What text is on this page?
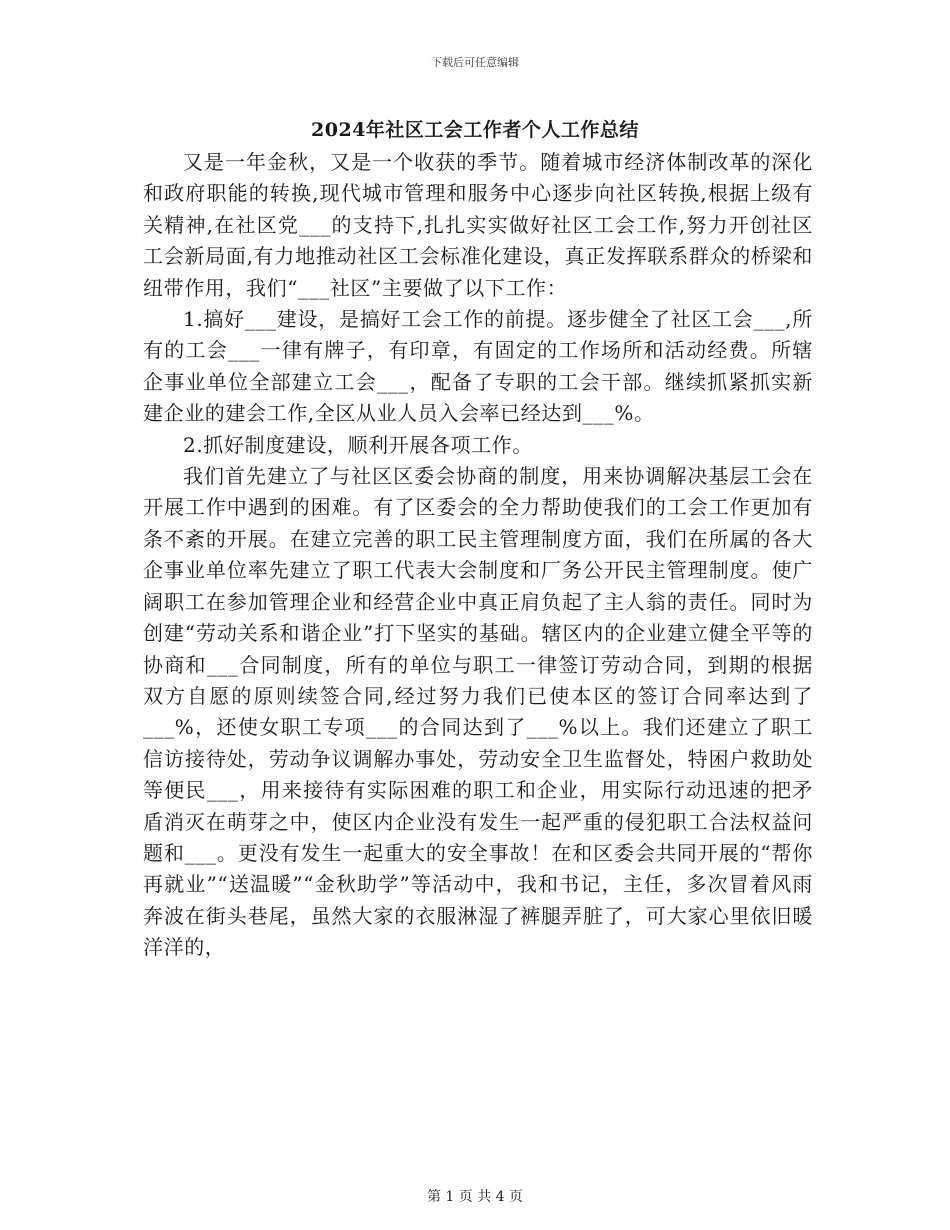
下载后可任意编辑
2024年社区工会工作者个人工作总结

又是一年金秋，又是一个收获的季节。随着城市经济体制改革的深化和政府职能的转换,现代城市管理和服务中心逐步向社区转换,根据上级有关精神,在社区党___的支持下,扎扎实实做好社区工会工作,努力开创社区工会新局面,有力地推动社区工会标准化建设，真正发挥联系群众的桥梁和纽带作用，我们“___社区”主要做了以下工作：

1.搞好___建设，是搞好工会工作的前提。逐步健全了社区工会___,所有的工会___一律有牌子，有印章，有固定的工作场所和活动经费。所辖企事业单位全部建立工会___，配备了专职的工会干部。继续抓紧抓实新建企业的建会工作,全区从业人员入会率已经达到___%。

2.抓好制度建设，顺利开展各项工作。

我们首先建立了与社区区委会协商的制度，用来协调解决基层工会在开展工作中遇到的困难。有了区委会的全力帮助使我们的工会工作更加有条不紊的开展。在建立完善的职工民主管理制度方面，我们在所属的各大企事业单位率先建立了职工代表大会制度和厂务公开民主管理制度。使广阔职工在参加管理企业和经营企业中真正肩负起了主人翁的责任。同时为创建“劳动关系和谐企业”打下坚实的基础。辖区内的企业建立健全平等的协商和___合同制度，所有的单位与职工一律签订劳动合同，到期的根据双方自愿的原则续签合同,经过努力我们已使本区的签订合同率达到了___%，还使女职工专项___的合同达到了___%以上。我们还建立了职工信访接待处，劳动争议调解办事处，劳动安全卫生监督处，特困户救助处等便民___，用来接待有实际困难的职工和企业，用实际行动迅速的把矛盾消灭在萌芽之中，使区内企业没有发生一起严重的侵犯职工合法权益问题和___。更没有发生一起重大的安全事故！在和区委会共同开展的“帮你再就业”“送温暖”“金秋助学”等活动中，我和书记，主任，多次冒着风雨奔波在街头巷尾，虽然大家的衣服淋湿了裤腿弄脏了，可大家心里依旧暖洋洋的，

第 1 页 共 4 页
